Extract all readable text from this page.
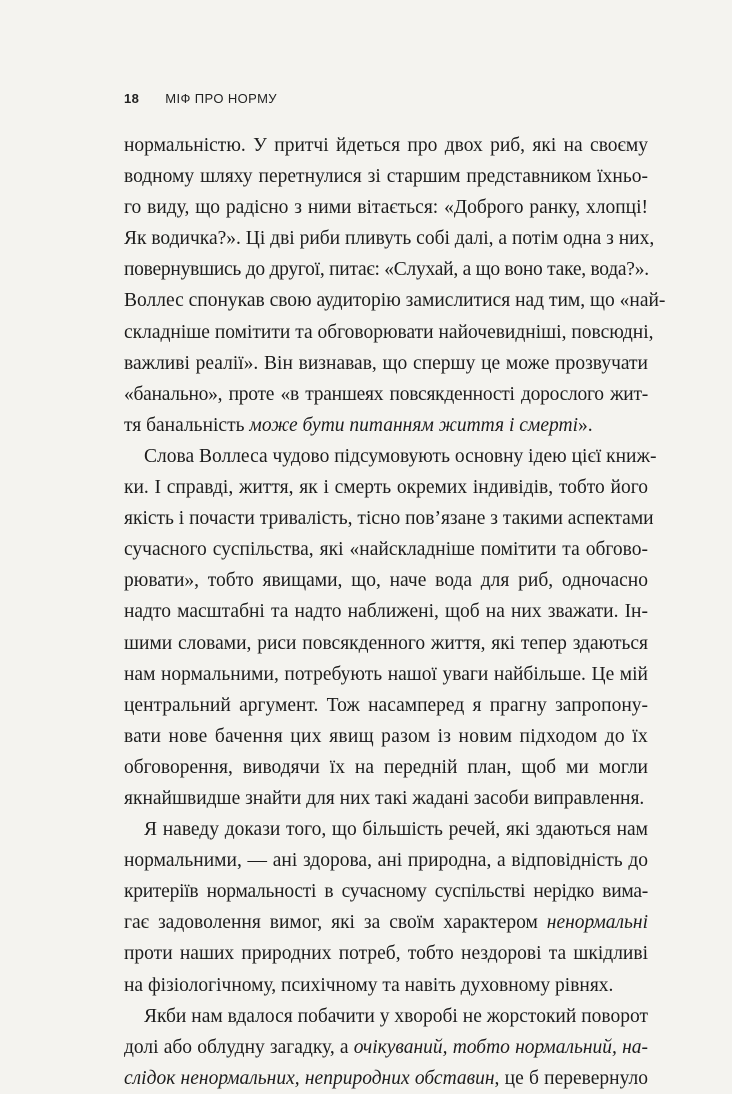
18 МІФ ПРО НОРМУ
нормальністю. У притчі йдеться про двох риб, які на своєму
водному шляху перетнулися зі старшим представником їхньо-
го виду, що радісно з ними вітається: «Доброго ранку, хлопці!
Як водичка?». Ці дві риби пливуть собі далі, а потім одна з них,
повернувшись до другої, питає: «Слухай, а що воно таке, вода?».
Воллес спонукав свою аудиторію замислитися над тим, що «най-
складніше помітити та обговорювати найочевидніші, повсюдні,
важливі реалії». Він визнавав, що спершу це може прозвучати
«банально», проте «в траншеях повсякденності дорослого жит-
тя банальність може бути питанням життя і смерті».
Слова Воллеса чудово підсумовують основну ідею цієї книж-
ки. І справді, життя, як і смерть окремих індивідів, тобто його
якість і почасти тривалість, тісно пов’язане з такими аспектами
сучасного суспільства, які «найскладніше помітити та обгово-
рювати», тобто явищами, що, наче вода для риб, одночасно
надто масштабні та надто наближені, щоб на них зважати. Ін-
шими словами, риси повсякденного життя, які тепер здаються
нам нормальними, потребують нашої уваги найбільше. Це мій
центральний аргумент. Тож насамперед я прагну запропону-
вати нове бачення цих явищ разом із новим підходом до їх
обговорення, виводячи їх на передній план, щоб ми могли
якнайшвидше знайти для них такі жадані засоби виправлення.
Я наведу докази того, що більшість речей, які здаються нам
нормальними, — ані здорова, ані природна, а відповідність до
критеріїв нормальності в сучасному суспільстві нерідко вима-
гає задоволення вимог, які за своїм характером ненормальні
проти наших природних потреб, тобто нездорові та шкідливі
на фізіологічному, психічному та навіть духовному рівнях.
Якби нам вдалося побачити у хворобі не жорстокий поворот
долі або облудну загадку, а очікуваний, тобто нормальний, на-
слідок ненормальних, неприродних обставин, це б перевернуло
